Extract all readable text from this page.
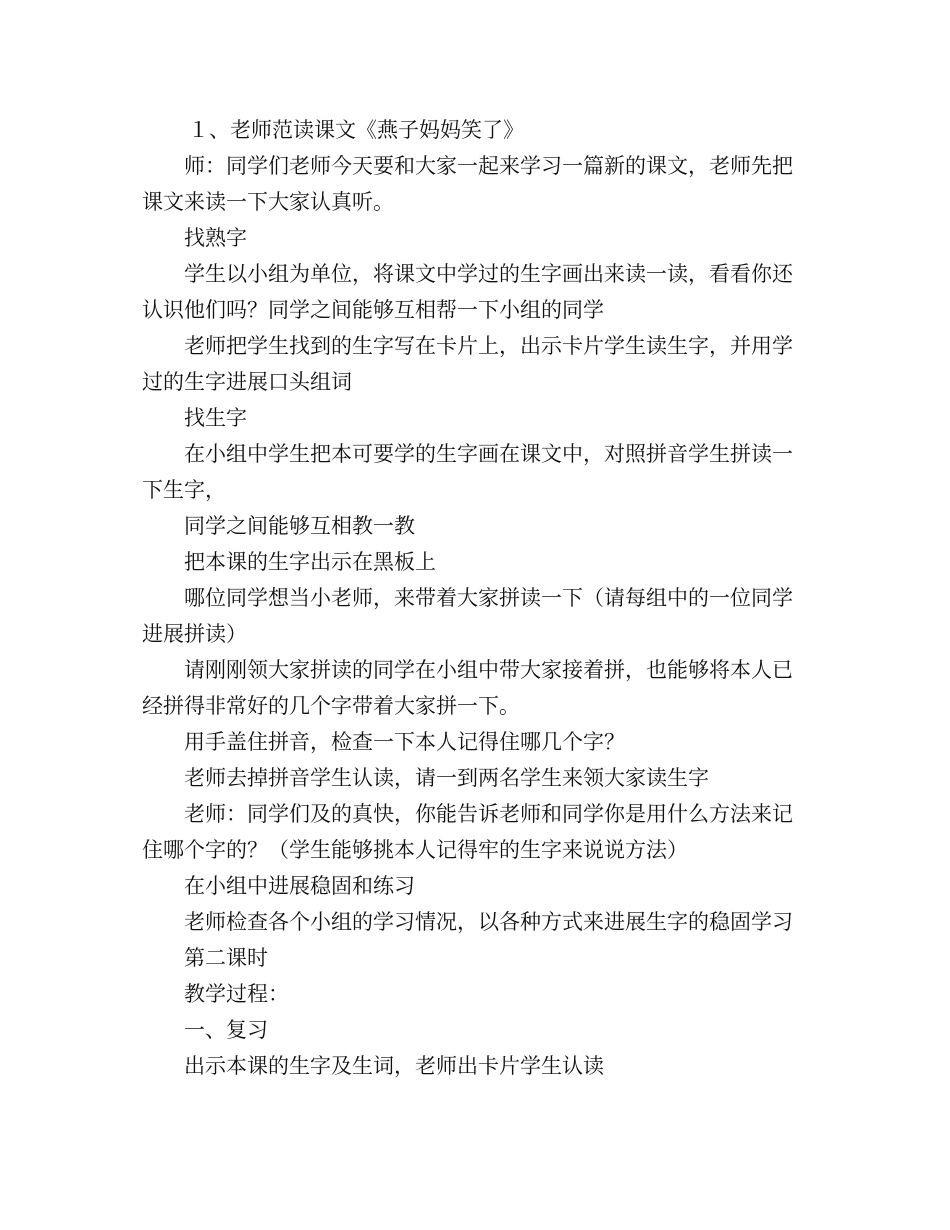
１、老师范读课文《燕子妈妈笑了》

师：同学们老师今天要和大家一起来学习一篇新的课文，老师先把课文来读一下大家认真听。

找熟字

学生以小组为单位，将课文中学过的生字画出来读一读，看看你还认识他们吗？同学之间能够互相帮一下小组的同学

老师把学生找到的生字写在卡片上，出示卡片学生读生字，并用学过的生字进展口头组词

找生字

在小组中学生把本可要学的生字画在课文中，对照拼音学生拼读一下生字，

同学之间能够互相教一教

把本课的生字出示在黑板上

哪位同学想当小老师，来带着大家拼读一下（请每组中的一位同学进展拼读）

请刚刚领大家拼读的同学在小组中带大家接着拼，也能够将本人已经拼得非常好的几个字带着大家拼一下。

用手盖住拼音，检查一下本人记得住哪几个字？

老师去掉拼音学生认读，请一到两名学生来领大家读生字

老师：同学们及的真快，你能告诉老师和同学你是用什么方法来记住哪个字的？（学生能够挑本人记得牢的生字来说说方法）

在小组中进展稳固和练习

老师检查各个小组的学习情况，以各种方式来进展生字的稳固学习

第二课时

教学过程：

一、复习

出示本课的生字及生词，老师出卡片学生认读
